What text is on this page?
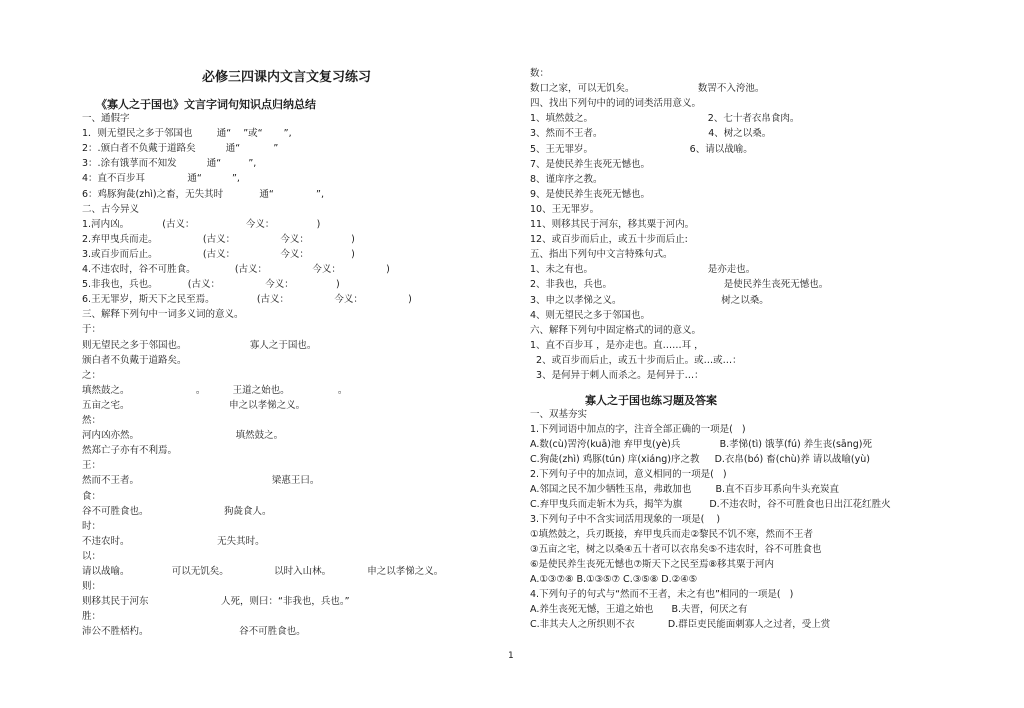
必修三四课内文言文复习练习
《寡人之于国也》文言字词句知识点归纳总结
一、通假字
1．则无望民之多于邻国也        通“    ”或“       ”,
2：.颁白者不负戴于道路矣          通“           ”
3：.涂有饿莩而不知发          通“         ”,
4：直不百步耳              通“          ”,
6：鸡豚狗彘(zhì)之畜，无失其时            通“              ”,
二、古今异义
1.河内凶。           (古义：                 今义：              )
2.弃甲曳兵而走。               (古义：               今义：              )
3.或百步而后止。               (古义：               今义：              )
4.不违农时，谷不可胜食。             (古义：               今义：               )
5.非我也，兵也。          (古义：               今义：              )
6.王无罪岁，斯天下之民至焉。              (古义：               今义：               )
三、解释下列句中一词多义词的意义。
于：
则无望民之多于邻国也。                     寡人之于国也。
颁白者不负戴于道路矣。
之：
填然鼓之。                      。         王道之始也。                。
五亩之宅。                                 申之以孝悌之义。
然：
河内凶亦然。                                填然鼓之。
然郑亡子亦有不利焉。
王：
然而不王者。                                            梁惠王曰。
食：
谷不可胜食也。                         狗彘食人。
时：
不违农时。                             无失其时。
以：
请以战喻。              可以无饥矣。               以时入山林。            申之以孝悌之义。
则：
则移其民于河东                        人死，则曰：“非我也，兵也。”
胜：
沛公不胜桮杓。                              谷不可胜食也。
数：
数口之家，可以无饥矣。                     数罟不入洿池。
四、找出下列句中的词的词类活用意义。
1、填然鼓之。                                      2、七十者衣帛食肉。
3、然而不王者。                                   4、树之以桑。
5、王无罪岁。                                6、请以战喻。
7、是使民养生丧死无憾也。
8、谨庠序之教。
9、是使民养生丧死无憾也。
10、王无罪岁。
11、则移其民于河东，移其粟于河内。
12、或百步而后止，或五十步而后止:
五、指出下列句中文言特殊句式。
1、未之有也。                                      是亦走也。
2、非我也，兵也。                                     是使民养生丧死无憾也。
3、申之以孝悌之义。                                 树之以桑。
4、则无望民之多于邻国也。
六、解释下列句中固定格式的词的意义。
1、直不百步耳 ，是亦走也。直……耳 ，
2、或百步而后止，或五十步而后止。或…或…：
3、是何异于刺人而杀之。是何异于…：
寡人之于国也练习题及答案
一、双基夯实
1.下列词语中加点的字，注音全部正确的一项是(   )
A.数(cù)罟洿(kuā)池 弃甲曳(yè)兵             B.孝悌(tì) 饿莩(fú) 养生丧(sāng)死
C.狗彘(zhì) 鸡豚(tún) 庠(xiáng)序之教     D.衣帛(bó) 畜(chù)养 请以战喻(yù)
2.下列句子中的加点词，意义相同的一项是(   )
A.邻国之民不加少牺牲玉帛，弗敢加也        B.直不百步耳系向牛头充炭直
C.弃甲曳兵而走斩木为兵，揭竿为旗         D.不违农时，谷不可胜食也日出江花红胜火
3.下列句子中不含实词活用现象的一项是(    )
①填然鼓之，兵刃既接，弃甲曳兵而走②黎民不饥不寒，然而不王者
③五亩之宅，树之以桑④五十者可以衣帛矣⑤不违农时，谷不可胜食也
⑥是使民养生丧死无憾也⑦斯天下之民至焉⑧移其粟于河内
A.①③⑦⑧ B.①③⑤⑦ C.③⑤⑧ D.②④⑤
4.下列句子的句式与“然而不王者，未之有也”相同的一项是(   )
A.养生丧死无憾，王道之始也      B.夫晋，何厌之有
C.非其夫人之所织则不衣           D.群臣吏民能面刺寡人之过者，受上赏
1
